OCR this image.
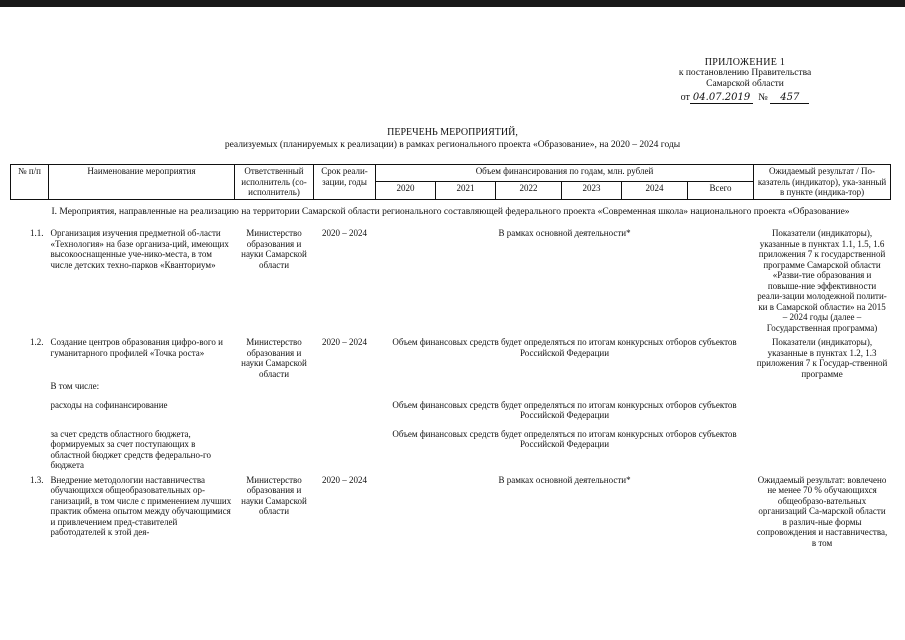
ПРИЛОЖЕНИЕ 1
к постановлению Правительства
Самарской области
от 04.07.2019 № 457
ПЕРЕЧЕНЬ МЕРОПРИЯТИЙ,
реализуемых (планируемых к реализации) в рамках регионального проекта «Образование», на 2020 – 2024 годы
№ п/п	Наименование мероприятия	Ответственный исполнитель (со-исполнитель)	Срок реали-зации, годы	Объем финансирования по годам, млн. рублей						Ожидаемый результат / По-казатель (индикатор), ука-занный в пункте (индика-тор)
				2020	2021	2022	2023	2024	Всего	
I. Мероприятия, направленные на реализацию на территории Самарской области регионального составляющей федерального проекта «Современная школа» национального проекта «Образование»										
1.1.	Организация изучения предметной об-ласти «Технология» на базе организа-ций, имеющих высокооснащенные уче-нико-места, в том числе детских техно-парков «Кванториум»	Министерство образования и науки Самарской области	2020 – 2024	В рамках основной деятельности*						Показатели (индикаторы), указанные в пунктах 1.1, 1.5, 1.6 приложения 7 к государственной программе Самарской области «Разви-тие образования и повыше-ние эффективности реали-зации молодежной полити-ки в Самарской области» на 2015 – 2024 годы (далее – Государственная программа)
1.2.	Создание центров образования цифро-вого и гуманитарного профилей «Точка роста»	Министерство образования и науки Самарской области	2020 – 2024	Объем финансовых средств будет определяться по итогам конкурсных отборов субъектов Российской Федерации						Показатели (индикаторы), указанные в пунктах 1.2, 1.3 приложения 7 к Государ-ственной программе
	В том числе:									

	расходы на софинансирование			Объем финансовых средств будет определяться по итогам конкурсных отборов субъектов Российской Федерации						

	за счет средств областного бюджета, формируемых за счет поступающих в областной бюджет средств федерально-го бюджета			Объем финансовых средств будет определяться по итогам конкурсных отборов субъектов Российской Федерации						
1.3.	Внедрение методологии наставничества обучающихся общеобразовательных ор-ганизаций, в том числе с применением лучших практик обмена опытом между обучающимися и привлечением пред-ставителей работодателей к этой дея-	Министерство образования и науки Самарской области	2020 – 2024	В рамках основной деятельности*						Ожидаемый результат: вовлечено не менее 70 % обучающихся общеобразо-вательных организаций Са-марской области в различ-ные формы сопровождения и наставничества, в том
